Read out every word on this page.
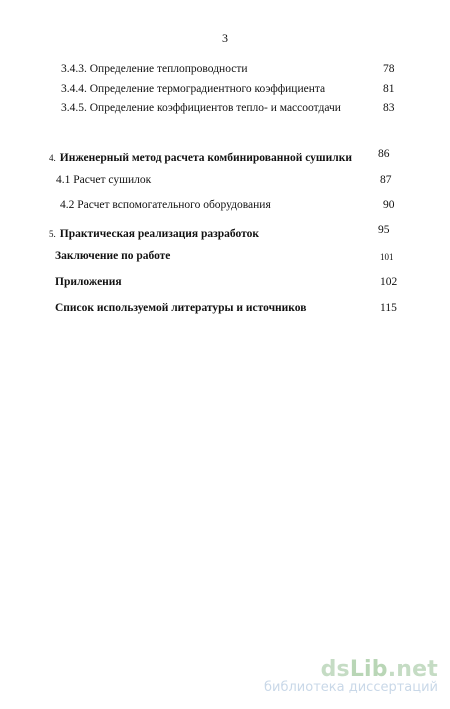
3
3.4.3. Определение теплопроводности	78
3.4.4. Определение термоградиентного коэффициента	81
3.4.5. Определение коэффициентов тепло- и массоотдачи	83
4. Инженерный метод расчета комбинированной сушилки 86
4.1 Расчет сушилок	87
4.2 Расчет вспомогательного оборудования	90
5. Практическая реализация разработок	95
Заключение по работе	101
Приложения	102
Список используемой литературы и источников	115
dsLib.net
библиотека диссертаций
